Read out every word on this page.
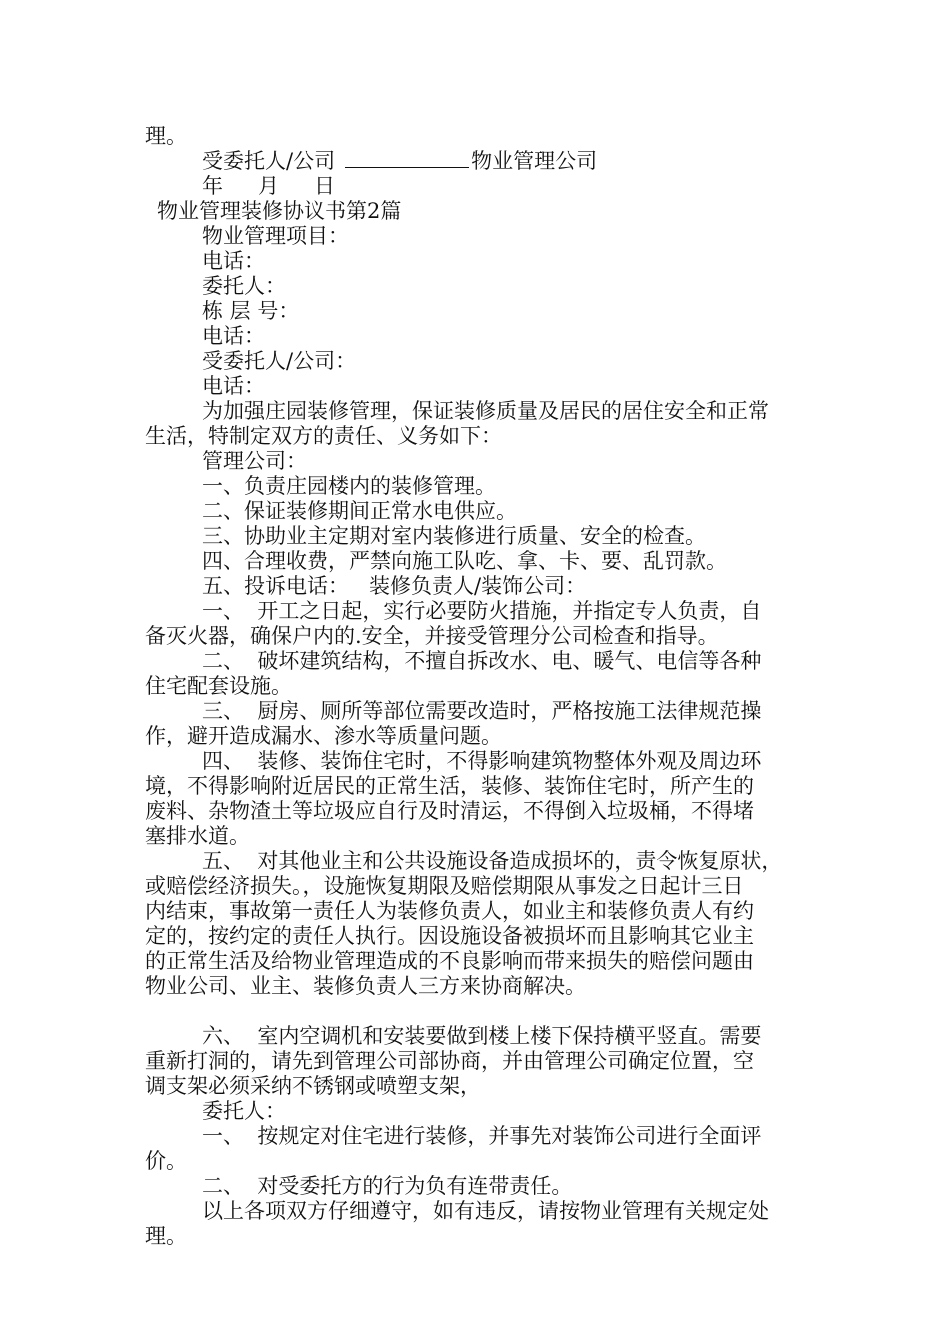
理。
受委托人/公司	物业管理公司
年 月 日
物业管理装修协议书第2篇
物业管理项目：
电话：
委托人：
栋 层 号：
电话：
受委托人/公司：
电话：
为加强庄园装修管理，保证装修质量及居民的居住安全和正常
生活，特制定双方的责任、义务如下：
管理公司：
一、负责庄园楼内的装修管理。
二、保证装修期间正常水电供应。
三、协助业主定期对室内装修进行质量、安全的检查。
四、合理收费，严禁向施工队吃、拿、卡、要、乱罚款。
五、投诉电话：   装修负责人/装饰公司：
一、  开工之日起，实行必要防火措施，并指定专人负责，自
备灭火器，确保户内的.安全，并接受管理分公司检查和指导。
二、  破坏建筑结构，不擅自拆改水、电、暖气、电信等各种
住宅配套设施。
三、  厨房、厕所等部位需要改造时，严格按施工法律规范操
作，避开造成漏水、渗水等质量问题。
四、  装修、装饰住宅时，不得影响建筑物整体外观及周边环
境，不得影响附近居民的正常生活，装修、装饰住宅时，所产生的
废料、杂物渣土等垃圾应自行及时清运，不得倒入垃圾桶，不得堵
塞排水道。
五、  对其他业主和公共设施设备造成损坏的，责令恢复原状，
或赔偿经济损失。，设施恢复期限及赔偿期限从事发之日起计三日
内结束，事故第一责任人为装修负责人，如业主和装修负责人有约
定的，按约定的责任人执行。因设施设备被损坏而且影响其它业主
的正常生活及给物业管理造成的不良影响而带来损失的赔偿问题由
物业公司、业主、装修负责人三方来协商解决。
六、  室内空调机和安装要做到楼上楼下保持横平竖直。需要
重新打洞的，请先到管理公司部协商，并由管理公司确定位置，空
调支架必须采纳不锈钢或喷塑支架，
委托人：
一、  按规定对住宅进行装修，并事先对装饰公司进行全面评
价。
二、  对受委托方的行为负有连带责任。
以上各项双方仔细遵守，如有违反，请按物业管理有关规定处
理。
